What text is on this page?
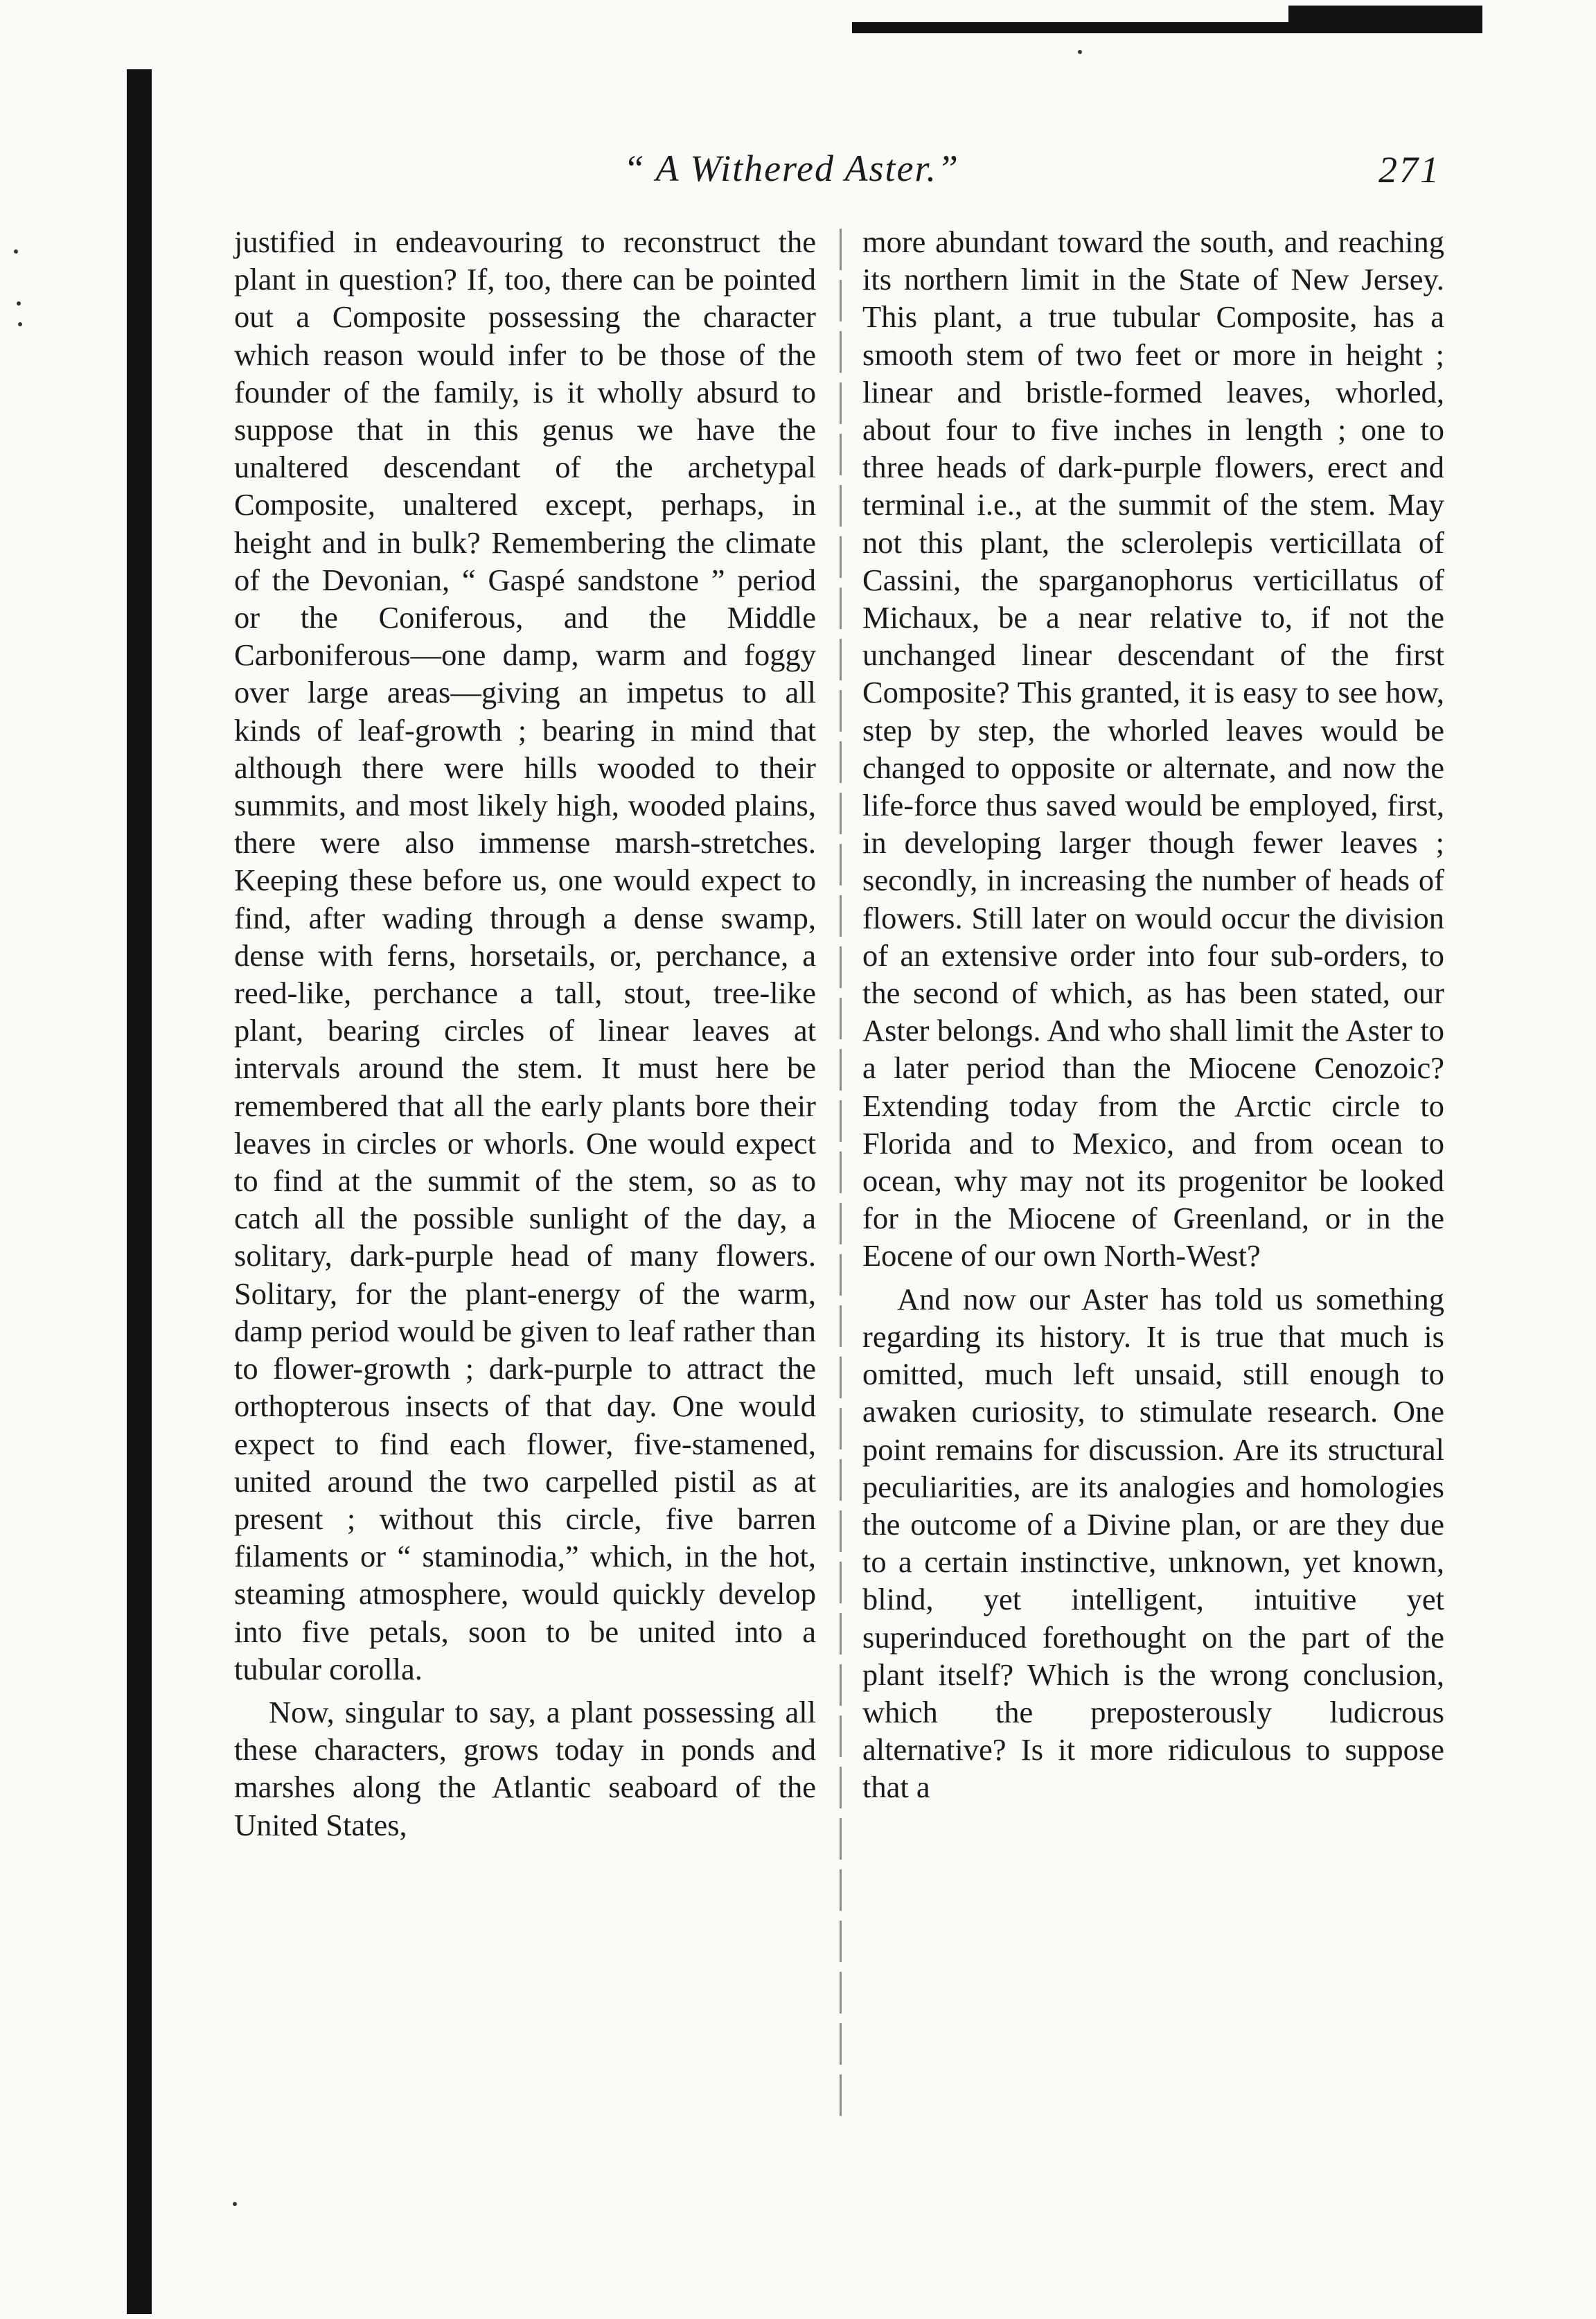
“ A Withered Aster.”	271

justified in endeavouring to reconstruct the plant in question? If, too, there can be pointed out a Composite possessing the character which reason would infer to be those of the founder of the family, is it wholly absurd to suppose that in this genus we have the unaltered descendant of the archetypal Composite, unaltered except, perhaps, in height and in bulk? Remembering the climate of the Devonian, “ Gaspé sandstone ” period or the Coniferous, and the Middle Carboniferous—one damp, warm and foggy over large areas—giving an impetus to all kinds of leaf-growth ; bearing in mind that although there were hills wooded to their summits, and most likely high, wooded plains, there were also immense marsh-stretches. Keeping these before us, one would expect to find, after wading through a dense swamp, dense with ferns, horsetails, or, perchance, a reed-like, perchance a tall, stout, tree-like plant, bearing circles of linear leaves at intervals around the stem. It must here be remembered that all the early plants bore their leaves in circles or whorls. One would expect to find at the summit of the stem, so as to catch all the possible sunlight of the day, a solitary, dark-purple head of many flowers. Solitary, for the plant-energy of the warm, damp period would be given to leaf rather than to flower-growth ; dark-purple to attract the orthopterous insects of that day. One would expect to find each flower, five-stamened, united around the two carpelled pistil as at present ; without this circle, five barren filaments or “ staminodia,” which, in the hot, steaming atmosphere, would quickly develop into five petals, soon to be united into a tubular corolla.

Now, singular to say, a plant possessing all these characters, grows today in ponds and marshes along the Atlantic seaboard of the United States,

more abundant toward the south, and reaching its northern limit in the State of New Jersey. This plant, a true tubular Composite, has a smooth stem of two feet or more in height ; linear and bristle-formed leaves, whorled, about four to five inches in length ; one to three heads of dark-purple flowers, erect and terminal i.e., at the summit of the stem. May not this plant, the sclerolepis verticillata of Cassini, the sparganophorus verticillatus of Michaux, be a near relative to, if not the unchanged linear descendant of the first Composite? This granted, it is easy to see how, step by step, the whorled leaves would be changed to opposite or alternate, and now the life-force thus saved would be employed, first, in developing larger though fewer leaves ; secondly, in increasing the number of heads of flowers. Still later on would occur the division of an extensive order into four sub-orders, to the second of which, as has been stated, our Aster belongs. And who shall limit the Aster to a later period than the Miocene Cenozoic? Extending today from the Arctic circle to Florida and to Mexico, and from ocean to ocean, why may not its progenitor be looked for in the Miocene of Greenland, or in the Eocene of our own North-West?

And now our Aster has told us something regarding its history. It is true that much is omitted, much left unsaid, still enough to awaken curiosity, to stimulate research. One point remains for discussion. Are its structural peculiarities, are its analogies and homologies the outcome of a Divine plan, or are they due to a certain instinctive, unknown, yet known, blind, yet intelligent, intuitive yet superinduced forethought on the part of the plant itself? Which is the wrong conclusion, which the preposterously ludicrous alternative? Is it more ridiculous to suppose that a
